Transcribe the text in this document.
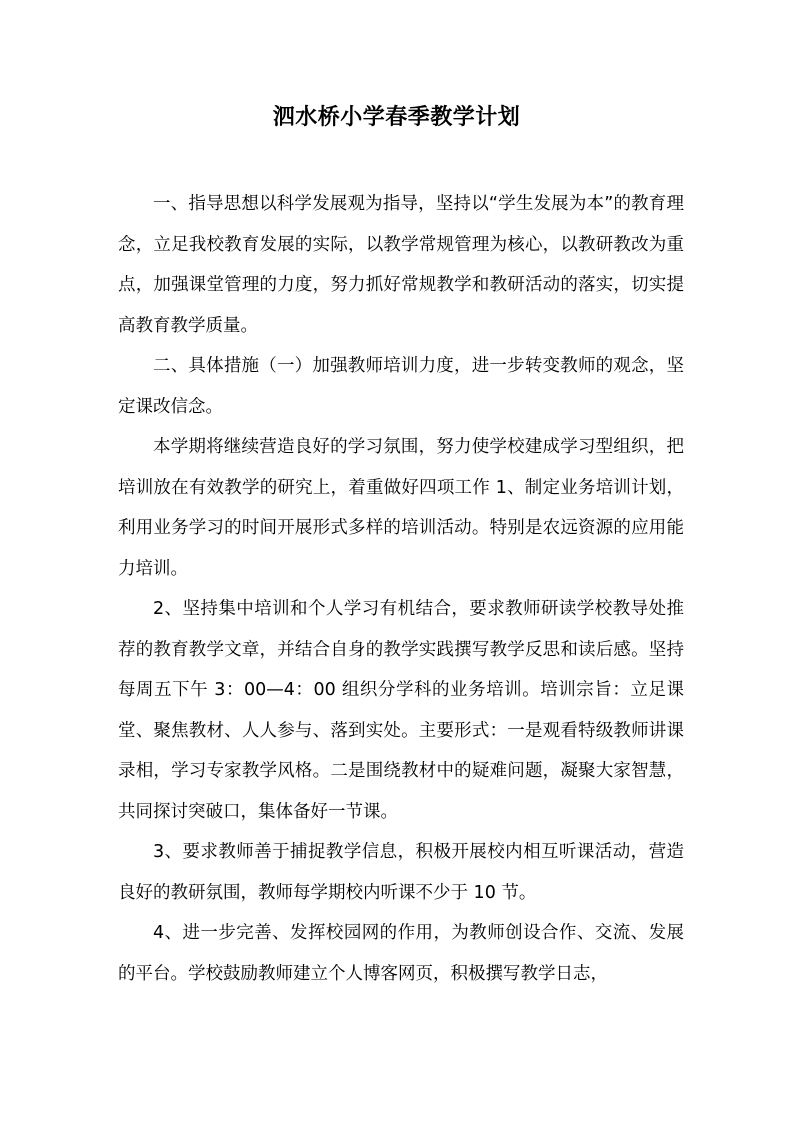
泗水桥小学春季教学计划

一、指导思想以科学发展观为指导，坚持以“学生发展为本”的教育理念，立足我校教育发展的实际，以教学常规管理为核心，以教研教改为重点，加强课堂管理的力度，努力抓好常规教学和教研活动的落实，切实提高教育教学质量。

二、具体措施（一）加强教师培训力度，进一步转变教师的观念，坚定课改信念。

本学期将继续营造良好的学习氛围，努力使学校建成学习型组织，把培训放在有效教学的研究上，着重做好四项工作 1、制定业务培训计划，利用业务学习的时间开展形式多样的培训活动。特别是农远资源的应用能力培训。

2、坚持集中培训和个人学习有机结合，要求教师研读学校教导处推荐的教育教学文章，并结合自身的教学实践撰写教学反思和读后感。坚持每周五下午 3：00—4：00 组织分学科的业务培训。培训宗旨：立足课堂、聚焦教材、人人参与、落到实处。主要形式：一是观看特级教师讲课录相，学习专家教学风格。二是围绕教材中的疑难问题，凝聚大家智慧，共同探讨突破口，集体备好一节课。

3、要求教师善于捕捉教学信息，积极开展校内相互听课活动，营造良好的教研氛围，教师每学期校内听课不少于 10 节。

4、进一步完善、发挥校园网的作用，为教师创设合作、交流、发展的平台。学校鼓励教师建立个人博客网页，积极撰写教学日志，
